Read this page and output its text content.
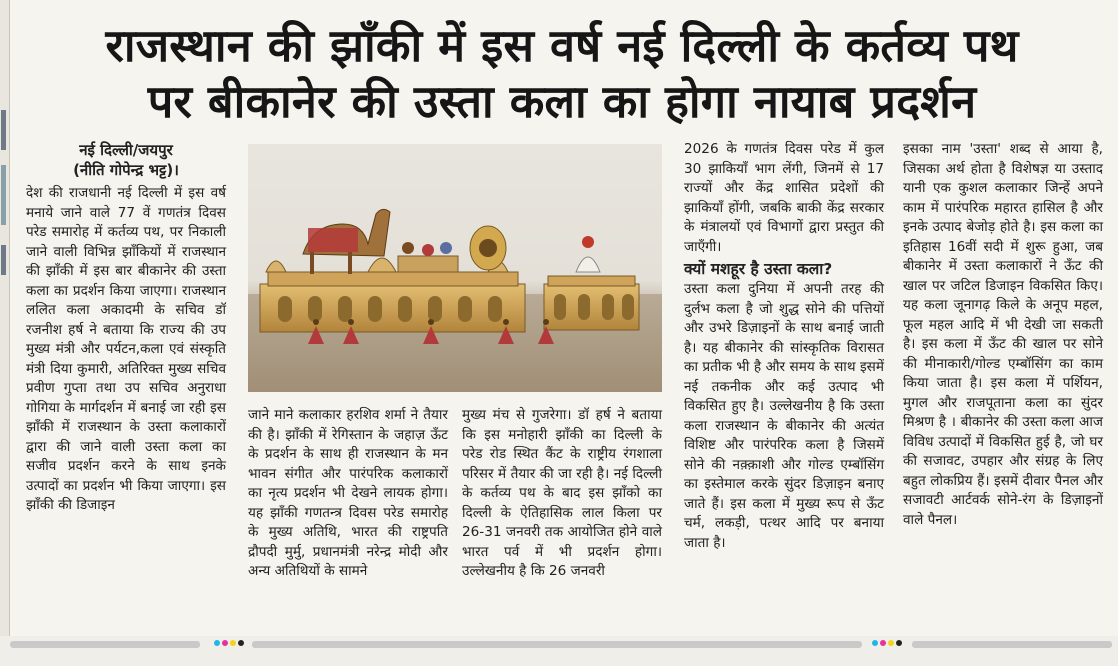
राजस्थान की झाँकी में इस वर्ष नई दिल्ली के कर्तव्य पथ
पर बीकानेर की उस्ता कला का होगा नायाब प्रदर्शन

नई दिल्ली/जयपुर

(नीति गोपेन्द्र भट्ट)।

देश की राजधानी नई दिल्ली में इस वर्ष मनाये जाने वाले 77 वें गणतंत्र दिवस परेड समारोह में कर्तव्य पथ, पर निकाली जाने वाली विभिन्न झाँकियों में राजस्थान की झाँकी में इस बार बीकानेर की उस्ता कला का प्रदर्शन किया जाएगा। राजस्थान ललित कला अकादमी के सचिव डॉ रजनीश हर्ष ने बताया कि राज्य की उप मुख्य मंत्री और पर्यटन,कला एवं संस्कृति मंत्री दिया कुमारी, अतिरिक्त मुख्य सचिव प्रवीण गुप्ता तथा उप सचिव अनुराधा गोगिया के मार्गदर्शन में बनाई जा रही इस झाँकी में राजस्थान के उस्ता कलाकारों द्वारा की जाने वाली उस्ता कला का सजीव प्रदर्शन करने के साथ इनके उत्पादों का प्रदर्शन भी किया जाएगा। इस झाँकी की डिजाइन

जाने माने कलाकार हरशिव शर्मा ने तैयार की है। झाँकी में रेगिस्तान के जहाज़ ऊँट के प्रदर्शन के साथ ही राजस्थान के मन भावन संगीत और पारंपरिक कलाकारों का नृत्य प्रदर्शन भी देखने लायक होगा। यह झाँकी गणतन्त्र दिवस परेड समारोह के मुख्य अतिथि, भारत की राष्ट्रपति द्रौपदी मुर्मु, प्रधानमंत्री नरेन्द्र मोदी और अन्य अतिथियों के सामने

मुख्य मंच से गुजरेगा। डॉ हर्ष ने बताया कि इस मनोहारी झाँकी का दिल्ली के परेड रोड स्थित कैंट के राष्ट्रीय रंगशाला परिसर में तैयार की जा रही है। नई दिल्ली के कर्तव्य पथ के बाद इस झाँको का दिल्ली के ऐतिहासिक लाल किला पर 26-31 जनवरी तक आयोजित होने वाले भारत पर्व में भी प्रदर्शन होगा। उल्लेखनीय है कि 26 जनवरी

2026 के गणतंत्र दिवस परेड में कुल 30 झाकियाँ भाग लेंगी, जिनमें से 17 राज्यों और केंद्र शासित प्रदेशों की झाकियाँ होंगी, जबकि बाकी केंद्र सरकार के मंत्रालयों एवं विभागों द्वारा प्रस्तुत की जाएँगी।

क्यों मशहूर है उस्ता कला?

उस्ता कला दुनिया में अपनी तरह की दुर्लभ कला है जो शुद्ध सोने की पत्तियों और उभरे डिज़ाइनों के साथ बनाई जाती है। यह बीकानेर की सांस्कृतिक विरासत का प्रतीक भी है और समय के साथ इसमें नई तकनीक और कई उत्पाद भी विकसित हुए है। उल्लेखनीय है कि उस्ता कला राजस्थान के बीकानेर की अत्यंत विशिष्ट और पारंपरिक कला है जिसमें सोने की नक़्क़ाशी और गोल्ड एम्बॉसिंग का इस्तेमाल करके सुंदर डिज़ाइन बनाए जाते हैं। इस कला में मुख्य रूप से ऊँट चर्म, लकड़ी, पत्थर आदि पर बनाया जाता है।

इसका नाम 'उस्ता' शब्द से आया है, जिसका अर्थ होता है विशेषज्ञ या उस्ताद यानी एक कुशल कलाकार जिन्हें अपने काम में पारंपरिक महारत हासिल है और इनके उत्पाद बेजोड़ होते है। इस कला का इतिहास 16वीं सदी में शुरू हुआ, जब बीकानेर में उस्ता कलाकारों ने ऊँट की खाल पर जटिल डिजाइन विकसित किए। यह कला जूनागढ़ किले के अनूप महल, फूल महल आदि में भी देखी जा सकती है। इस कला में ऊँट की खाल पर सोने की मीनाकारी/गोल्ड एम्बॉसिंग का काम किया जाता है। इस कला में पर्शियन, मुगल और राजपूताना कला का सुंदर मिश्रण है । बीकानेर की उस्ता कला आज विविध उत्पादों में विकसित हुई है, जो घर की सजावट, उपहार और संग्रह के लिए बहुत लोकप्रिय हैं। इसमें दीवार पैनल और सजावटी आर्टवर्क सोने-रंग के डिज़ाइनों वाले पैनल।
